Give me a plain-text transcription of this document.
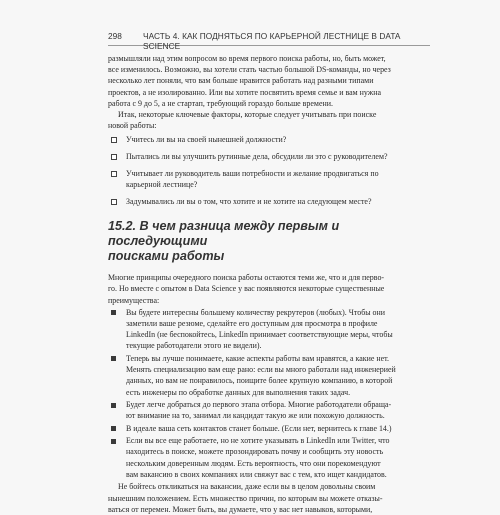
298	ЧАСТЬ 4. КАК ПОДНЯТЬСЯ ПО КАРЬЕРНОЙ ЛЕСТНИЦЕ В DATA SCIENCE

размышляли над этим вопросом во время первого поиска работы, но, быть может,

все изменилось. Возможно, вы хотели стать частью большой DS-команды, но через

несколько лет поняли, что вам больше нравится работать над разными типами

проектов, а не изолированно. Или вы хотите посвятить время семье и вам нужна

работа с 9 до 5, а не стартап, требующий гораздо больше времени.

Итак, некоторые ключевые факторы, которые следует учитывать при поиске

новой работы:

Учитесь ли вы на своей нынешней должности?
Пытались ли вы улучшить рутинные дела, обсудили ли это с руководителем?
Учитывает ли руководитель ваши потребности и желание продвигаться по
карьерной лестнице?
Задумывались ли вы о том, что хотите и не хотите на следующем месте?
15.2. В чем разница между первым и последующими
поисками работы

Многие принципы очередного поиска работы остаются теми же, что и для перво-

го. Но вместе с опытом в Data Science у вас появляются некоторые существенные

преимущества:

Вы будете интересны большему количеству рекрутеров (любых). Чтобы они
заметили ваше резюме, сделайте его доступным для просмотра в профиле
LinkedIn (не беспокойтесь, LinkedIn принимает соответствующие меры, чтобы
текущие работодатели этого не видели).
Теперь вы лучше понимаете, какие аспекты работы вам нравятся, а какие нет.
Менять специализацию вам еще рано: если вы много работали над инженерией
данных, но вам не понравилось, поищите более крупную компанию, в которой
есть инженеры по обработке данных для выполнения таких задач.
Будет легче добраться до первого этапа отбора. Многие работодатели обраща-
ют внимание на то, занимал ли кандидат такую же или похожую должность.
В идеале ваша сеть контактов станет больше. (Если нет, вернитесь к главе 14.)
Если вы все еще работаете, но не хотите указывать в LinkedIn или Twitter, что
находитесь в поиске, можете прозондировать почву и сообщить эту новость
нескольким доверенным людям. Есть вероятность, что они порекомендуют
вам вакансию в своих компаниях или свяжут вас с тем, кто ищет кандидатов.

Не бойтесь откликаться на вакансии, даже если вы в целом довольны своим

нынешним положением. Есть множество причин, по которым вы можете отказы-

ваться от перемен. Может быть, вы думаете, что у вас нет навыков, которыми,
